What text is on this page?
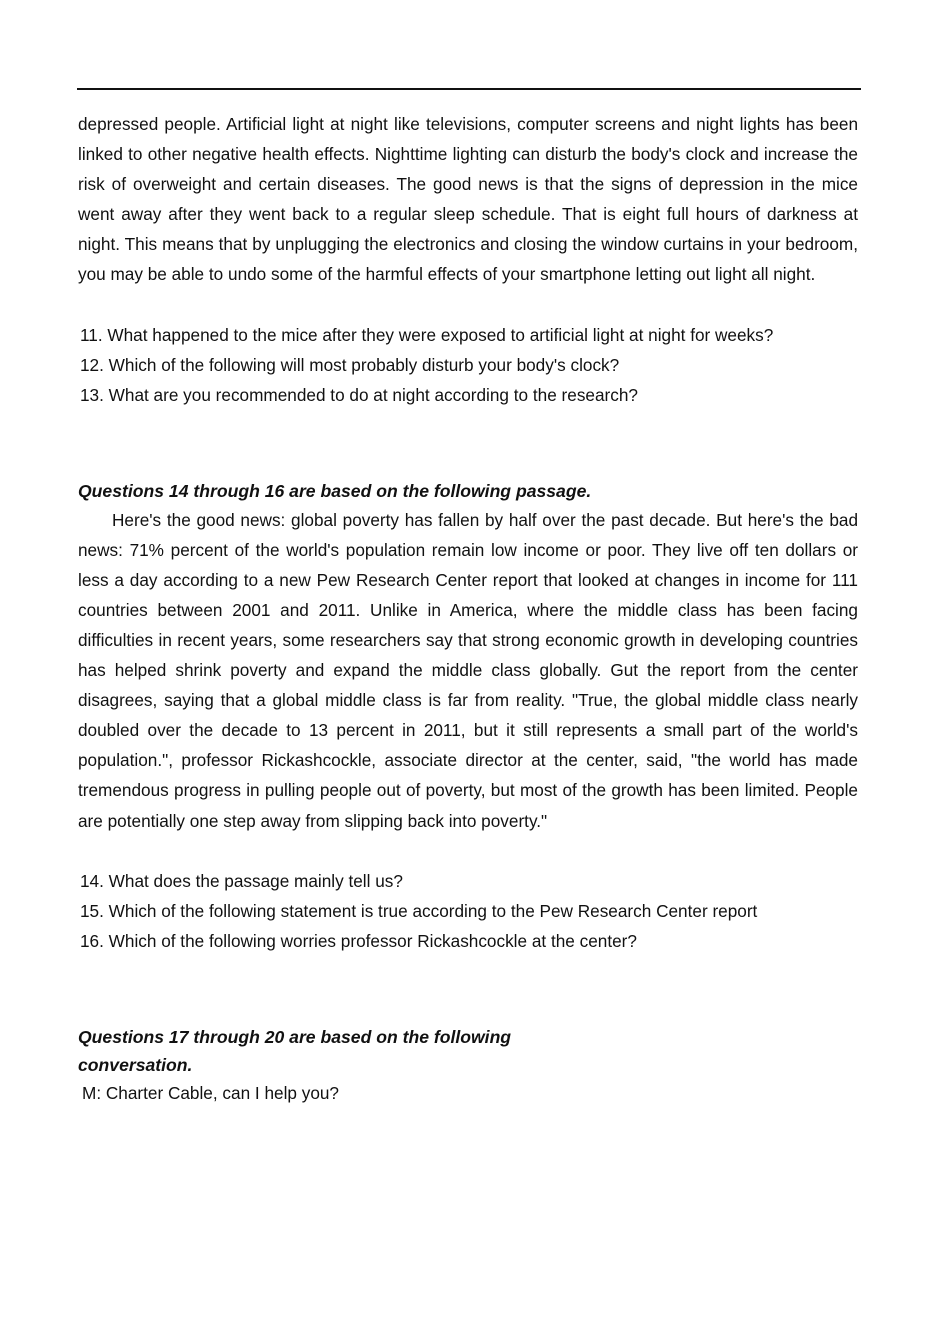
depressed people. Artificial light at night like televisions, computer screens and night lights has been linked to other negative health effects. Nighttime lighting can disturb the body's clock and increase the risk of overweight and certain diseases. The good news is that the signs of depression in the mice went away after they went back to a regular sleep schedule. That is eight full hours of darkness at night. This means that by unplugging the electronics and closing the window curtains in your bedroom, you may be able to undo some of the harmful effects of your smartphone letting out light all night.

11. What happened to the mice after they were exposed to artificial light at night for weeks?
12. Which of the following will most probably disturb your body's clock?
13. What are you recommended to do at night according to the research?

Questions 14 through 16 are based on the following passage.

Here's the good news: global poverty has fallen by half over the past decade. But here's the bad news: 71% percent of the world's population remain low income or poor. They live off ten dollars or less a day according to a new Pew Research Center report that looked at changes in income for 111 countries between 2001 and 2011. Unlike in America, where the middle class has been facing difficulties in recent years, some researchers say that strong economic growth in developing countries has helped shrink poverty and expand the middle class globally. Gut the report from the center disagrees, saying that a global middle class is far from reality. "True, the global middle class nearly doubled over the decade to 13 percent in 2011, but it still represents a small part of the world's population.", professor Rickashcockle, associate director at the center, said, "the world has made tremendous progress in pulling people out of poverty, but most of the growth has been limited. People are potentially one step away from slipping back into poverty."

14. What does the passage mainly tell us?
15. Which of the following statement is true according to the Pew Research Center report
16. Which of the following worries professor Rickashcockle at the center?

Questions 17 through 20 are based on the following

conversation.

M: Charter Cable, can I help you?
